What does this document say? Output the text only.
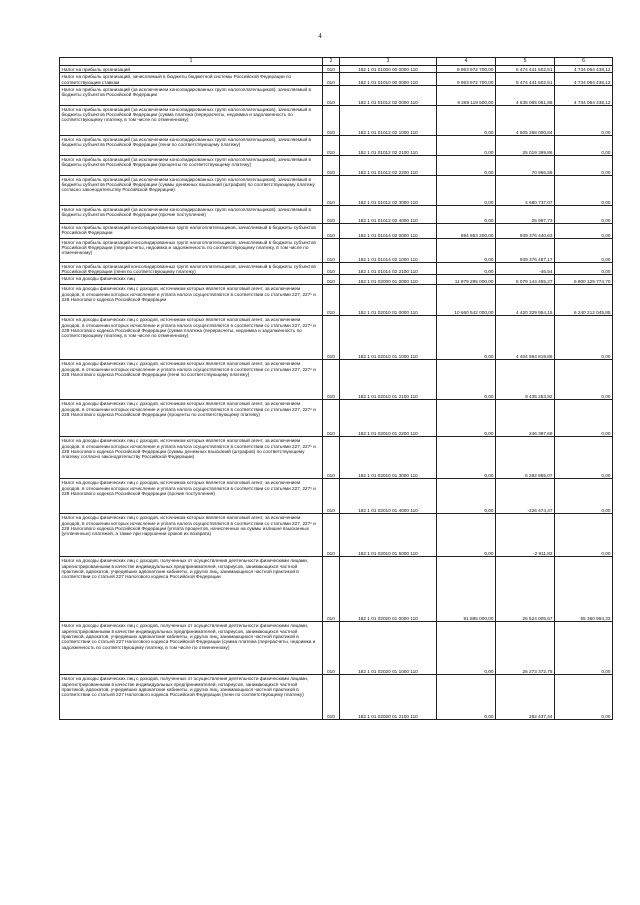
4
1	2	3	4	5	6

Налог на прибыль организаций	010	182 1 01 01000 00 0000 110	9 963 972 700,00	5 474 441 502,51	4 734 054 438,12

Налог на прибыль организаций, зачисляемый в бюджеты бюджетной системы Российской Федерации по соответствующим ставкам	010	182 1 01 01010 00 0000 110	9 963 972 700,00	5 474 441 502,51	4 734 054 438,12

Налог на прибыль организаций (за исключением консолидированных групп налогоплательщиков), зачисляемый в бюджеты субъектов Российской Федерации	010	182 1 01 01012 02 0000 110	9 269 119 500,00	4 535 065 061,88	4 734 054 438,12

Налог на прибыль организаций (за исключением консолидированных групп налогоплательщиков), зачисляемый в бюджеты субъектов Российской Федерации (сумма платежа (перерасчеты, недоимка и задолженность по соответствующему платежу, в том числе по отмененному)	010	182 1 01 01012 02 1000 110	0,00	4 505 268 000,84	0,00

Налог на прибыль организаций (за исключением консолидированных групп налогоплательщиков), зачисляемый в бюджеты субъектов Российской Федерации (пени по соответствующему платежу)	010	182 1 01 01012 02 2100 110	0,00	25 019 369,86	0,00

Налог на прибыль организаций (за исключением консолидированных групп налогоплательщиков), зачисляемый в бюджеты субъектов Российской Федерации (проценты по соответствующему платежу)	010	182 1 01 01012 02 2200 110	0,00	70 956,58	0,00

Налог на прибыль организаций (за исключением консолидированных групп налогоплательщиков), зачисляемый в бюджеты субъектов Российской Федерации (суммы денежных взысканий (штрафов) по соответствующему платежу согласно законодательству Российской Федерации)	010	182 1 01 01012 02 3000 110	0,00	4 680 737,07	0,00

Налог на прибыль организаций (за исключением консолидированных групп налогоплательщиков), зачисляемый в бюджеты субъектов Российской Федерации (прочие поступления)	010	182 1 01 01012 02 4000 110	0,00	25 997,73	0,00

Налог на прибыль организаций консолидированных групп налогоплательщиков, зачисляемый в бюджеты субъектов Российской Федерации	010	182 1 01 01014 02 0000 110	694 853 200,00	939 376 440,63	0,00

Налог на прибыль организаций консолидированных групп налогоплательщиков, зачисляемый в бюджеты субъектов Российской Федерации (перерасчеты, недоимка и задолженность по соответствующему платежу, в том числе по отмененному)	010	182 1 01 01014 02 1000 110	0,00	939 376 487,17	0,00

Налог на прибыль организаций консолидированных групп налогоплательщиков, зачисляемый в бюджеты субъектов Российской Федерации (пени по соответствующему платежу)	010	182 1 01 01014 02 2100 110	0,00	-46,54	0,00

Налог на доходы физических лиц	010	182 1 01 02000 01 0000 110	11 879 295 000,00	5 079 144 455,27	6 800 129 774,70

Налог на доходы физических лиц с доходов, источником которых является налоговый агент, за исключением доходов, в отношении которых исчисление и уплата налога осуществляются в соответствии со статьями 227, 227¹ и 228 Налогового кодекса Российской Федерации	010	182 1 01 02010 01 0000 110	10 660 542 000,00	4 420 329 954,15	6 240 212 045,85

Налог на доходы физических лиц с доходов, источником которых является налоговый агент, за исключением доходов, в отношении которых исчисление и уплата налога осуществляются в соответствии со статьями 227, 227¹ и 228 Налогового кодекса Российской Федерации (сумма платежа (перерасчеты, недоимка и задолженность по соответствующему платежу, в том числе по отмененному)	010	182 1 01 02010 01 1000 110	0,00	4 404 594 819,86	0,00

Налог на доходы физических лиц с доходов, источником которых является налоговый агент, за исключением доходов, в отношении которых исчисление и уплата налога осуществляются в соответствии со статьями 227, 227¹ и 228 Налогового кодекса Российской Федерации (пени по соответствующему платежу)	010	182 1 01 02010 01 2100 110	0,00	9 435 253,92	0,00

Налог на доходы физических лиц с доходов, источником которых является налоговый агент, за исключением доходов, в отношении которых исчисление и уплата налога осуществляются в соответствии со статьями 227, 227¹ и 228 Налогового кодекса Российской Федерации (проценты по соответствующему платежу)	010	182 1 01 02010 01 2200 110	0,00	246 397,69	0,00

Налог на доходы физических лиц с доходов, источником которых является налоговый агент, за исключением доходов, в отношении которых исчисление и уплата налога осуществляются в соответствии со статьями 227, 227¹ и 228 Налогового кодекса Российской Федерации (суммы денежных взысканий (штрафов) по соответствующему платежу согласно законодательству Российской Федерации)	010	182 1 01 02010 01 3000 110	0,00	6 282 865,07	0,00

Налог на доходы физических лиц с доходов, источником которых является налоговый агент, за исключением доходов, в отношении которых исчисление и уплата налога осуществляются в соответствии со статьями 227, 227¹ и 228 Налогового кодекса Российской Федерации (прочие поступления)	010	182 1 01 02010 01 4000 110	0,00	-226 474,47	0,00

Налог на доходы физических лиц с доходов, источником которых является налоговый агент, за исключением доходов, в отношении которых исчисление и уплата налога осуществляются в соответствии со статьями 227, 227¹ и 228 Налогового кодекса Российской Федерации (уплата процентов, начисленных на суммы излишне взысканных (уплаченных) платежей, а также при нарушении сроков их возврата)	010	182 1 01 02010 01 5000 110	0,00	-2 911,82	0,00

Налог на доходы физических лиц с доходов, полученных от осуществления деятельности физическими лицами, зарегистрированными в качестве индивидуальных предпринимателей, нотариусов, занимающихся частной практикой, адвокатов, учредивших адвокатские кабинеты, и других лиц, занимающихся частной практикой в соответствии со статьей 227 Налогового кодекса Российской Федерации	010	182 1 01 02020 01 0000 110	91 885 000,00	26 524 005,67	65 360 994,33

Налог на доходы физических лиц с доходов, полученных от осуществления деятельности физическими лицами, зарегистрированными в качестве индивидуальных предпринимателей, нотариусов, занимающихся частной практикой, адвокатов, учредивших адвокатские кабинеты, и других лиц, занимающихся частной практикой в соответствии со статьей 227 Налогового кодекса Российской Федерации (сумма платежа (перерасчеты, недоимка и задолженность по соответствующему платежу, в том числе по отмененному)	010	182 1 01 02020 01 1000 110	0,00	26 273 372,75	0,00

Налог на доходы физических лиц с доходов, полученных от осуществления деятельности физическими лицами, зарегистрированными в качестве индивидуальных предпринимателей, нотариусов, занимающихся частной практикой, адвокатов, учредивших адвокатские кабинеты, и других лиц, занимающихся частной практикой в соответствии со статьей 227 Налогового кодекса Российской Федерации (пени по соответствующему платежу)	010	182 1 01 02020 01 2100 110	0,00	282 437,44	0,00
